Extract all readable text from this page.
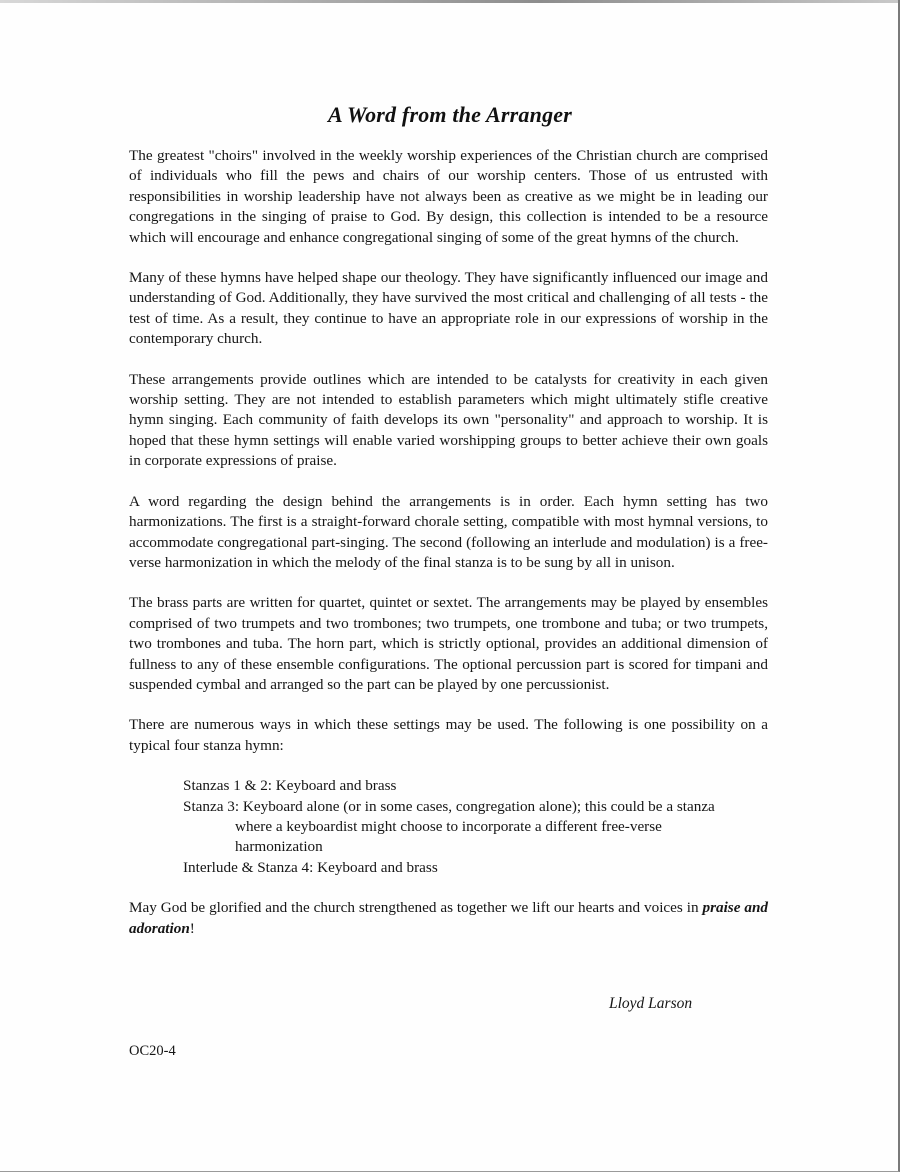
A Word from the Arranger

The greatest "choirs" involved in the weekly worship experiences of the Christian church are comprised of individuals who fill the pews and chairs of our worship centers. Those of us entrusted with responsibilities in worship leadership have not always been as creative as we might be in leading our congregations in the singing of praise to God. By design, this collection is intended to be a resource which will encourage and enhance congregational singing of some of the great hymns of the church.

Many of these hymns have helped shape our theology. They have significantly influenced our image and understanding of God. Additionally, they have survived the most critical and challenging of all tests - the test of time. As a result, they continue to have an appropriate role in our expressions of worship in the contemporary church.

These arrangements provide outlines which are intended to be catalysts for creativity in each given worship setting. They are not intended to establish parameters which might ultimately stifle creative hymn singing. Each community of faith develops its own "personality" and approach to worship. It is hoped that these hymn settings will enable varied worshipping groups to better achieve their own goals in corporate expressions of praise.

A word regarding the design behind the arrangements is in order. Each hymn setting has two harmonizations. The first is a straight-forward chorale setting, compatible with most hymnal versions, to accommodate congregational part-singing. The second (following an interlude and modulation) is a free-verse harmonization in which the melody of the final stanza is to be sung by all in unison.

The brass parts are written for quartet, quintet or sextet. The arrangements may be played by ensembles comprised of two trumpets and two trombones; two trumpets, one trombone and tuba; or two trumpets, two trombones and tuba. The horn part, which is strictly optional, provides an additional dimension of fullness to any of these ensemble configurations. The optional percussion part is scored for timpani and suspended cymbal and arranged so the part can be played by one percussionist.

There are numerous ways in which these settings may be used. The following is one possibility on a typical four stanza hymn:

Stanzas 1 & 2: Keyboard and brass
Stanza 3: Keyboard alone (or in some cases, congregation alone); this could be a stanza where a keyboardist might choose to incorporate a different free-verse harmonization
Interlude & Stanza 4: Keyboard and brass

May God be glorified and the church strengthened as together we lift our hearts and voices in praise and adoration!

Lloyd Larson

OC20-4
